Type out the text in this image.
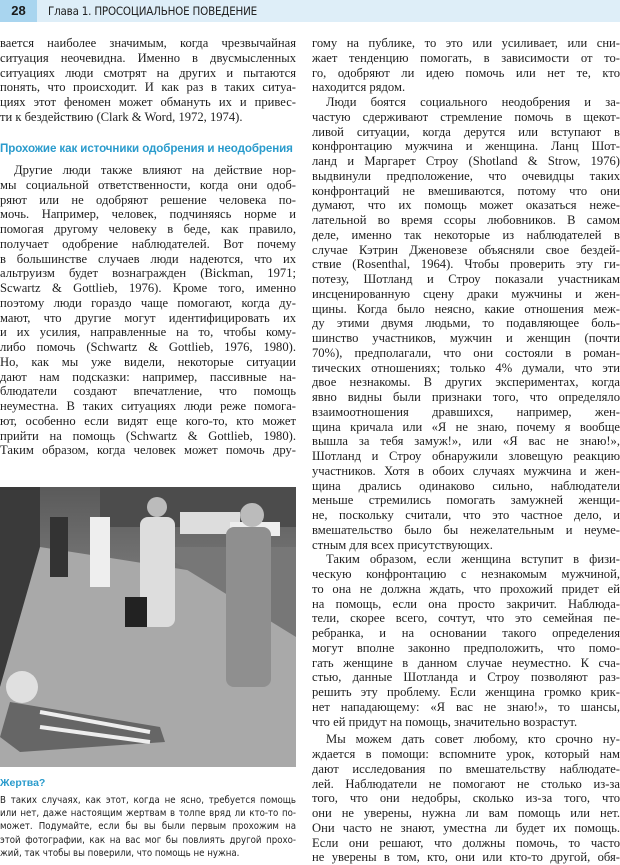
28	Глава 1. ПРОСОЦИАЛЬНОЕ ПОВЕДЕНИЕ
вается наиболее значимым, когда чрезвычайная
ситуация неочевидна. Именно в двусмысленных
ситуациях люди смотрят на других и пытаются
понять, что происходит. И как раз в таких ситуа-
циях этот феномен может обмануть их и привес-
ти к бездействию (Clark & Word, 1972, 1974).
Прохожие как источники одобрения и неодобрения
Другие люди также влияют на действие нор-
мы социальной ответственности, когда они одоб-
ряют или не одобряют решение человека по-
мочь. Например, человек, подчиняясь норме и
помогая другому человеку в беде, как правило,
получает одобрение наблюдателей. Вот почему
в большинстве случаев люди надеются, что их
альтруизм будет вознагражден (Bickman, 1971;
Scwartz & Gottlieb, 1976). Кроме того, именно
поэтому люди гораздо чаще помогают, когда ду-
мают, что другие могут идентифицировать их
и их усилия, направленные на то, чтобы кому-
либо помочь (Schwartz & Gottlieb, 1976, 1980).
Но, как мы уже видели, некоторые ситуации
дают нам подсказки: например, пассивные на-
блюдатели создают впечатление, что помощь
неуместна. В таких ситуациях люди реже помога-
ют, особенно если видят еще кого-то, кто может
прийти на помощь (Schwartz & Gottlieb, 1980).
Таким образом, когда человек может помочь дру-
Жертва?
В таких случаях, как этот, когда не ясно, требуется помощь
или нет, даже настоящим жертвам в толпе вряд ли кто-то по-
может. Подумайте, если бы вы были первым прохожим на
этой фотографии, как на вас мог бы повлиять другой прохо-
жий, так чтобы вы поверили, что помощь не нужна.
гому на публике, то это или усиливает, или сни-
жает тенденцию помогать, в зависимости от то-
го, одобряют ли идею помочь или нет те, кто
находится рядом.
Люди боятся социального неодобрения и за-
частую сдерживают стремление помочь в щекот-
ливой ситуации, когда дерутся или вступают в
конфронтацию мужчина и женщина. Ланц Шот-
ланд и Маргарет Строу (Shotland & Strow, 1976)
выдвинули предположение, что очевидцы таких
конфронтаций не вмешиваются, потому что они
думают, что их помощь может оказаться неже-
лательной во время ссоры любовников. В самом
деле, именно так некоторые из наблюдателей в
случае Кэтрин Дженовезе объясняли свое бездей-
ствие (Rosenthal, 1964). Чтобы проверить эту ги-
потезу, Шотланд и Строу показали участникам
инсценированную сцену драки мужчины и жен-
щины. Когда было неясно, какие отношения меж-
ду этими двумя людьми, то подавляющее боль-
шинство участников, мужчин и женщин (почти
70%), предполагали, что они состояли в роман-
тических отношениях; только 4% думали, что эти
двое незнакомы. В других экспериментах, когда
явно видны были признаки того, что определяло
взаимоотношения дравшихся, например, жен-
щина кричала или «Я не знаю, почему я вообще
вышла за тебя замуж!», или «Я вас не знаю!»,
Шотланд и Строу обнаружили зловещую реакцию
участников. Хотя в обоих случаях мужчина и жен-
щина дрались одинаково сильно, наблюдатели
меньше стремились помогать замужней женщи-
не, поскольку считали, что это частное дело, и
вмешательство было бы нежелательным и неуме-
стным для всех присутствующих.
Таким образом, если женщина вступит в физи-
ческую конфронтацию с незнакомым мужчиной,
то она не должна ждать, что прохожий придет ей
на помощь, если она просто закричит. Наблюда-
тели, скорее всего, сочтут, что это семейная пе-
ребранка, и на основании такого определения
могут вполне законно предположить, что помо-
гать женщине в данном случае неуместно. К сча-
стью, данные Шотланда и Строу позволяют раз-
решить эту проблему. Если женщина громко крик-
нет нападающему: «Я вас не знаю!», то шансы,
что ей придут на помощь, значительно возрастут.
Мы можем дать совет любому, кто срочно ну-
ждается в помощи: вспомните урок, который нам
дают исследования по вмешательству наблюдате-
лей. Наблюдатели не помогают не столько из-за
того, что они недобры, сколько из-за того, что
они не уверены, нужна ли вам помощь или нет.
Они часто не знают, уместна ли будет их помощь.
Если они решают, что должны помочь, то часто
не уверены в том, кто, они или кто-то другой, обя-
